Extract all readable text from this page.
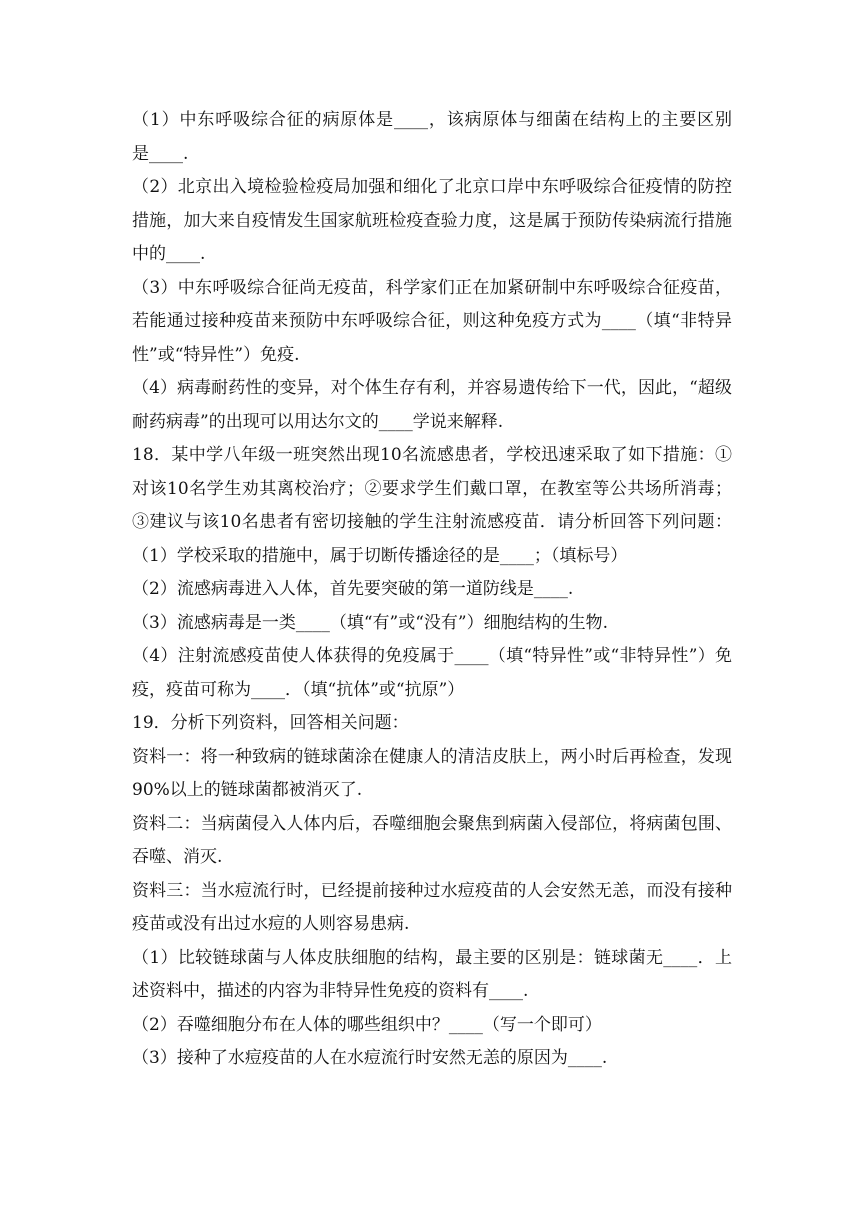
（1）中东呼吸综合征的病原体是____，该病原体与细菌在结构上的主要区别
是____.
（2）北京出入境检验检疫局加强和细化了北京口岸中东呼吸综合征疫情的防控
措施，加大来自疫情发生国家航班检疫查验力度，这是属于预防传染病流行措施
中的____.
（3）中东呼吸综合征尚无疫苗，科学家们正在加紧研制中东呼吸综合征疫苗，
若能通过接种疫苗来预防中东呼吸综合征，则这种免疫方式为____（填“非特异
性”或“特异性”）免疫.
（4）病毒耐药性的变异，对个体生存有利，并容易遗传给下一代，因此，“超级
耐药病毒”的出现可以用达尔文的____学说来解释.
18．某中学八年级一班突然出现10名流感患者，学校迅速采取了如下措施：①
对该10名学生劝其离校治疗；②要求学生们戴口罩，在教室等公共场所消毒；
③建议与该10名患者有密切接触的学生注射流感疫苗．请分析回答下列问题：
（1）学校采取的措施中，属于切断传播途径的是____；（填标号）
（2）流感病毒进入人体，首先要突破的第一道防线是____.
（3）流感病毒是一类____（填“有”或“没有”）细胞结构的生物.
（4）注射流感疫苗使人体获得的免疫属于____（填“特异性”或“非特异性”）免
疫，疫苗可称为____．（填“抗体”或“抗原”）
19．分析下列资料，回答相关问题：
资料一：将一种致病的链球菌涂在健康人的清洁皮肤上，两小时后再检查，发现
90%以上的链球菌都被消灭了.
资料二：当病菌侵入人体内后，吞噬细胞会聚焦到病菌入侵部位，将病菌包围、
吞噬、消灭.
资料三：当水痘流行时，已经提前接种过水痘疫苗的人会安然无恙，而没有接种
疫苗或没有出过水痘的人则容易患病.
（1）比较链球菌与人体皮肤细胞的结构，最主要的区别是：链球菌无____．上
述资料中，描述的内容为非特异性免疫的资料有____.
（2）吞噬细胞分布在人体的哪些组织中？____（写一个即可）
（3）接种了水痘疫苗的人在水痘流行时安然无恙的原因为____.
